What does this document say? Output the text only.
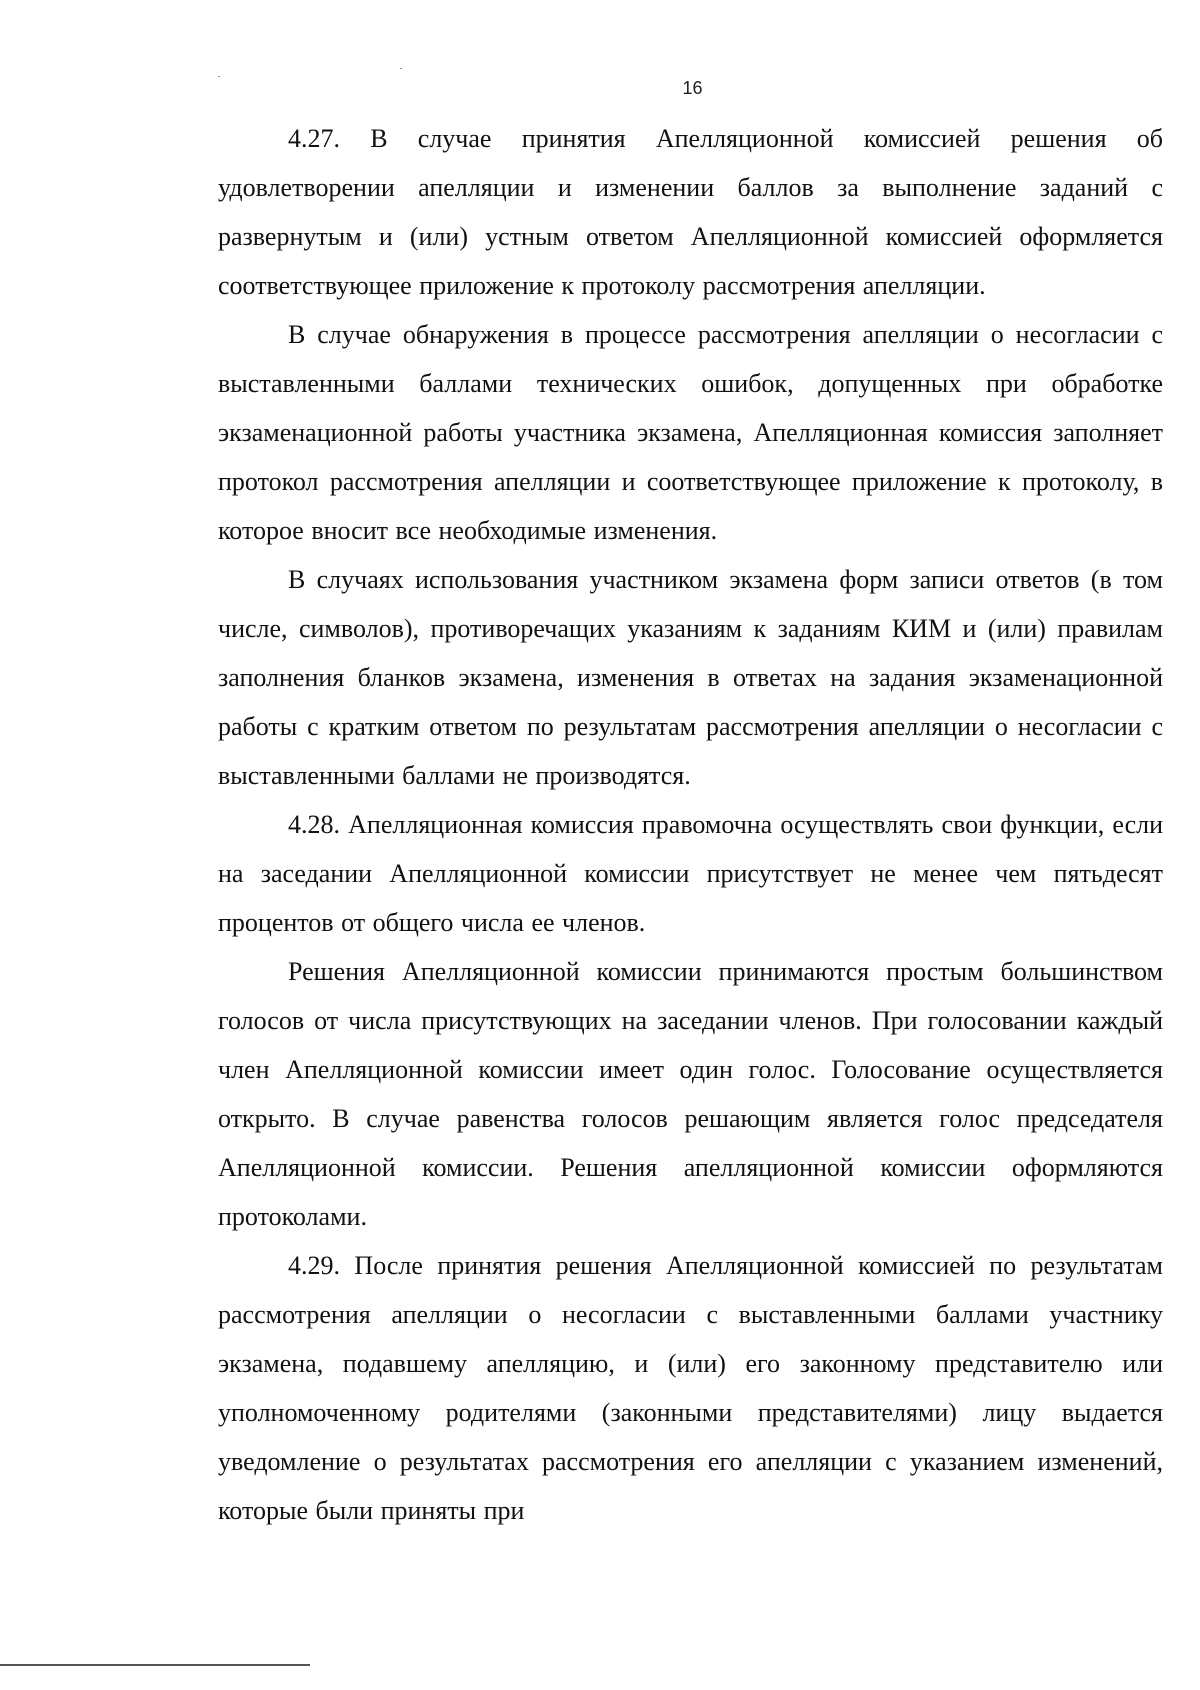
16

4.27. В случае принятия Апелляционной комиссией решения об удовлетворении апелляции и изменении баллов за выполнение заданий с развернутым и (или) устным ответом Апелляционной комиссией оформляется соответствующее приложение к протоколу рассмотрения апелляции.

В случае обнаружения в процессе рассмотрения апелляции о несогласии с выставленными баллами технических ошибок, допущенных при обработке экзаменационной работы участника экзамена, Апелляционная комиссия заполняет протокол рассмотрения апелляции и соответствующее приложение к протоколу, в которое вносит все необходимые изменения.

В случаях использования участником экзамена форм записи ответов (в том числе, символов), противоречащих указаниям к заданиям КИМ и (или) правилам заполнения бланков экзамена, изменения в ответах на задания экзаменационной работы с кратким ответом по результатам рассмотрения апелляции о несогласии с выставленными баллами не производятся.

4.28. Апелляционная комиссия правомочна осуществлять свои функции, если на заседании Апелляционной комиссии присутствует не менее чем пятьдесят процентов от общего числа ее членов.

Решения Апелляционной комиссии принимаются простым большинством голосов от числа присутствующих на заседании членов. При голосовании каждый член Апелляционной комиссии имеет один голос. Голосование осуществляется открыто. В случае равенства голосов решающим является голос председателя Апелляционной комиссии. Решения апелляционной комиссии оформляются протоколами.

4.29. После принятия решения Апелляционной комиссией по результатам рассмотрения апелляции о несогласии с выставленными баллами участнику экзамена, подавшему апелляцию, и (или) его законному представителю или уполномоченному родителями (законными представителями) лицу выдается уведомление о результатах рассмотрения его апелляции с указанием изменений, которые были приняты при
